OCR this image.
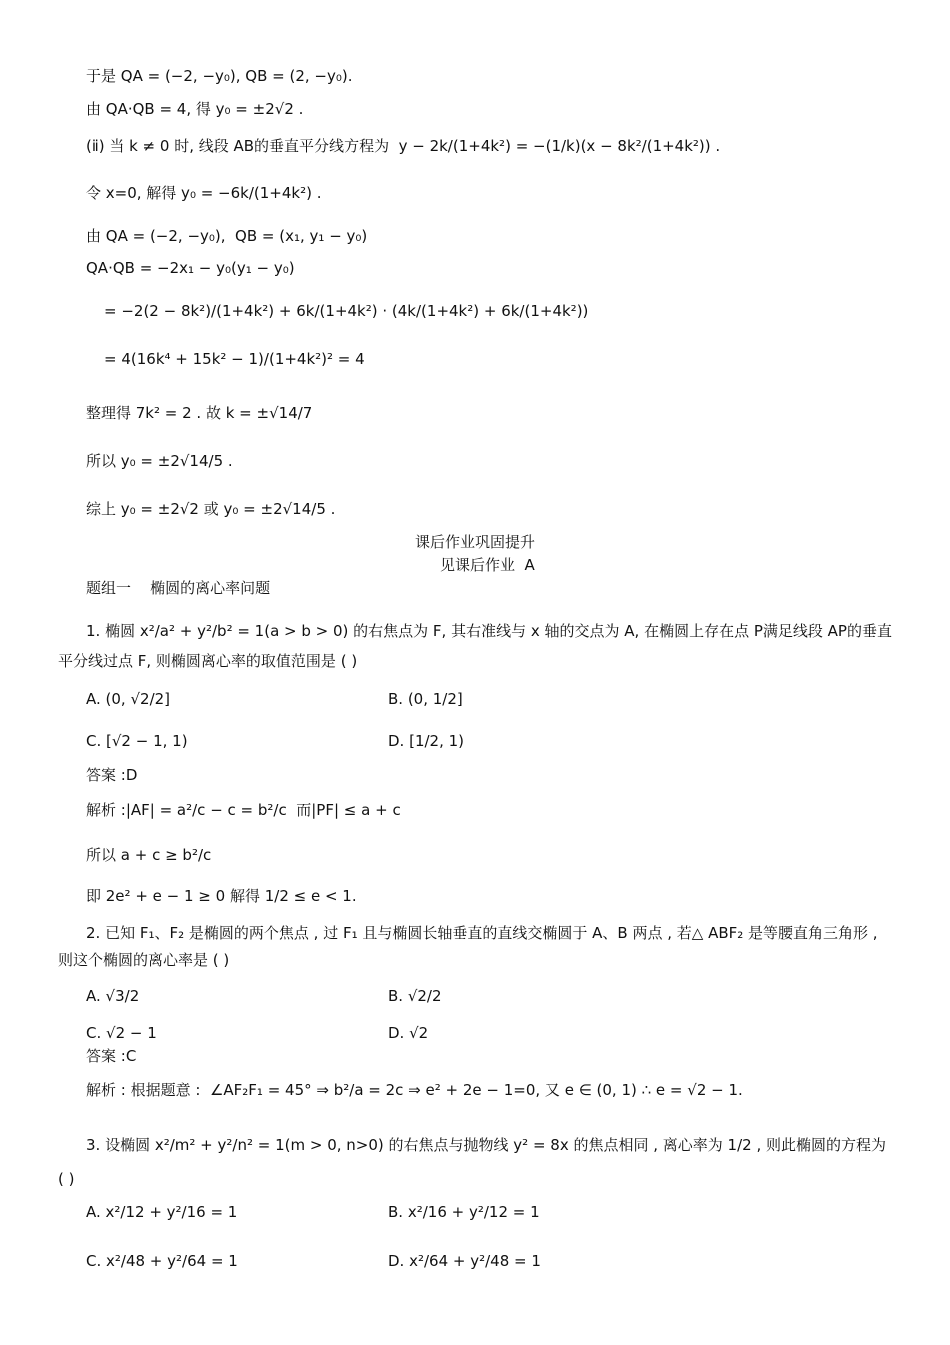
于是 QA = (−2, −y₀), QB = (2, −y₀).
由 QA·QB = 4, 得 y₀ = ±2√2 .
(ⅱ) 当 k ≠ 0 时, 线段 AB的垂直平分线方程为  y − 2k/(1+4k²) = −(1/k)(x − 8k²/(1+4k²)) .
令 x=0, 解得 y₀ = −6k/(1+4k²) .
由 QA = (−2, −y₀),  QB = (x₁, y₁ − y₀)
QA·QB = −2x₁ − y₀(y₁ − y₀)
= −2(2 − 8k²)/(1+4k²) + 6k/(1+4k²) · (4k/(1+4k²) + 6k/(1+4k²))
= 4(16k⁴ + 15k² − 1)/(1+4k²)² = 4
整理得 7k² = 2 . 故 k = ±√14/7
所以 y₀ = ±2√14/5 .
综上 y₀ = ±2√2 或 y₀ = ±2√14/5 .
课后作业巩固提升
见课后作业  A
题组一    椭圆的离心率问题
1. 椭圆 x²/a² + y²/b² = 1(a > b > 0) 的右焦点为 F, 其右准线与 x 轴的交点为 A, 在椭圆上存在点 P满足线段 AP的垂直平分线过点 F, 则椭圆离心率的取值范围是 ( )
A. (0, √2/2]	B. (0, 1/2]
C. [√2 − 1, 1)	D. [1/2, 1)
答案 :D
解析 :|AF| = a²/c − c = b²/c  而|PF| ≤ a + c
所以 a + c ≥ b²/c
即 2e² + e − 1 ≥ 0 解得 1/2 ≤ e < 1.
2. 已知 F₁、F₂ 是椭圆的两个焦点 , 过 F₁ 且与椭圆长轴垂直的直线交椭圆于 A、B 两点 , 若△ ABF₂ 是等腰直角三角形 , 则这个椭圆的离心率是 ( )
A. √3/2	B. √2/2
C. √2 − 1	D. √2
答案 :C
解析 : 根据题意 :  ∠AF₂F₁ = 45° ⇒ b²/a = 2c ⇒ e² + 2e − 1=0, 又 e ∈ (0, 1) ∴ e = √2 − 1.
3. 设椭圆 x²/m² + y²/n² = 1(m > 0, n>0) 的右焦点与抛物线 y² = 8x 的焦点相同 , 离心率为 1/2 , 则此椭圆的方程为 ( )
A. x²/12 + y²/16 = 1	B. x²/16 + y²/12 = 1
C. x²/48 + y²/64 = 1	D. x²/64 + y²/48 = 1
